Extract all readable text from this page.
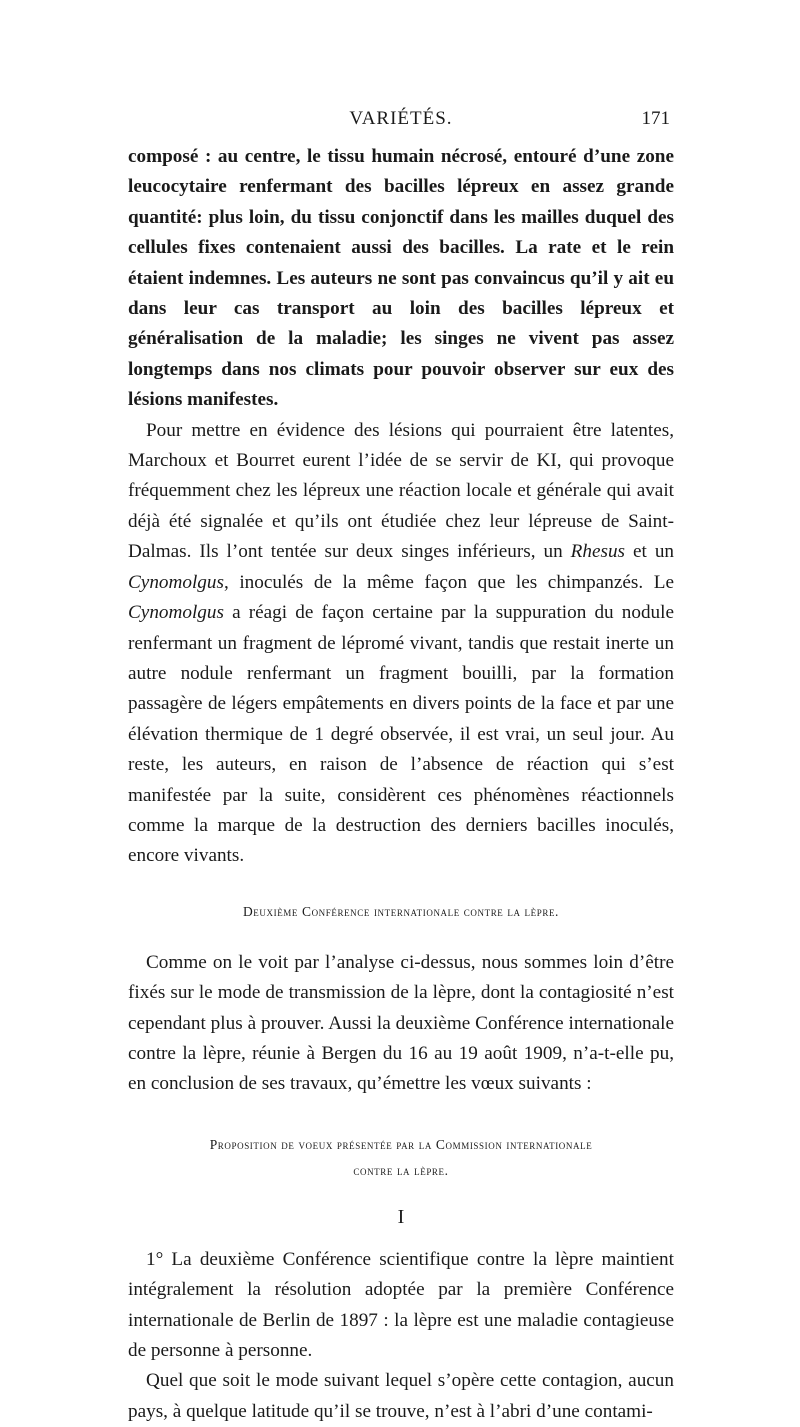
VARIÉTÉS.	171

composé : au centre, le tissu humain nécrosé, entouré d’une zone leucocytaire renfermant des bacilles lépreux en assez grande quantité: plus loin, du tissu conjonctif dans les mailles duquel des cellules fixes contenaient aussi des bacilles. La rate et le rein étaient indemnes. Les auteurs ne sont pas convaincus qu’il y ait eu dans leur cas transport au loin des bacilles lépreux et généralisation de la maladie; les singes ne vivent pas assez longtemps dans nos climats pour pouvoir observer sur eux des lésions manifestes.

Pour mettre en évidence des lésions qui pourraient être latentes, Marchoux et Bourret eurent l’idée de se servir de KI, qui provoque fréquemment chez les lépreux une réaction locale et générale qui avait déjà été signalée et qu’ils ont étudiée chez leur lépreuse de Saint-Dalmas. Ils l’ont tentée sur deux singes inférieurs, un Rhesus et un Cynomolgus, inoculés de la même façon que les chimpanzés. Le Cynomolgus a réagi de façon certaine par la suppuration du nodule renfermant un fragment de lépromé vivant, tandis que restait inerte un autre nodule renfermant un fragment bouilli, par la formation passagère de légers empâtements en divers points de la face et par une élévation thermique de 1 degré observée, il est vrai, un seul jour. Au reste, les auteurs, en raison de l’absence de réaction qui s’est manifestée par la suite, considèrent ces phénomènes réactionnels comme la marque de la destruction des derniers bacilles inoculés, encore vivants.

Deuxième Conférence internationale contre la lèpre.

Comme on le voit par l’analyse ci-dessus, nous sommes loin d’être fixés sur le mode de transmission de la lèpre, dont la contagiosité n’est cependant plus à prouver. Aussi la deuxième Conférence internationale contre la lèpre, réunie à Bergen du 16 au 19 août 1909, n’a-t-elle pu, en conclusion de ses travaux, qu’émettre les vœux suivants :

Proposition de voeux présentée par la Commission internationale
contre la lèpre.

I

1° La deuxième Conférence scientifique contre la lèpre maintient intégralement la résolution adoptée par la première Conférence internationale de Berlin de 1897 : la lèpre est une maladie contagieuse de personne à personne.

Quel que soit le mode suivant lequel s’opère cette contagion, aucun pays, à quelque latitude qu’il se trouve, n’est à l’abri d’une contami-
